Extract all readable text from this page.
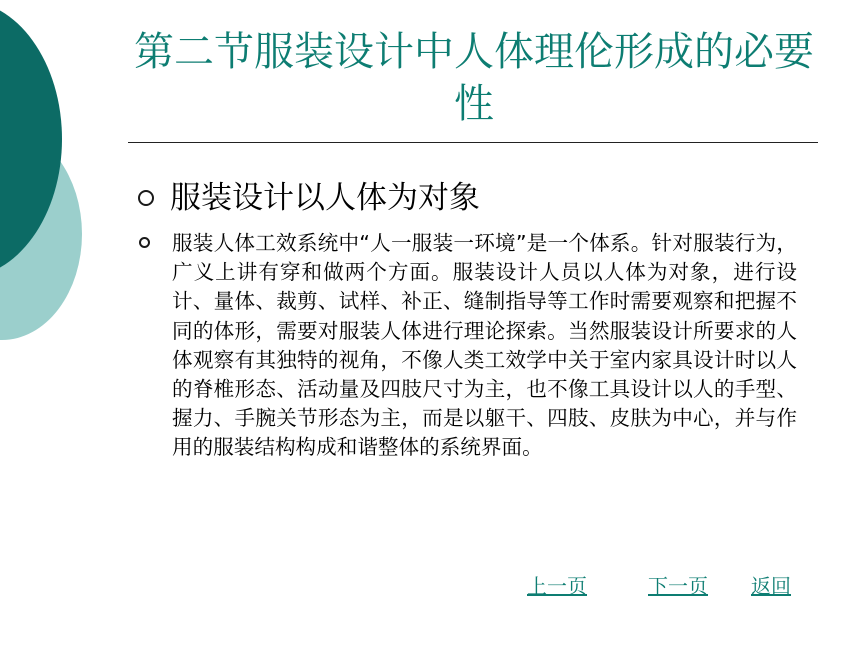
第二节服装设计中人体理伦形成的必要性
服装设计以人体为对象

服装人体工效系统中“人一服装一环境”是一个体系。针对服装行为，广义上讲有穿和做两个方面。服装设计人员以人体为对象，进行设计、量体、裁剪、试样、补正、缝制指导等工作时需要观察和把握不同的体形，需要对服装人体进行理论探索。当然服装设计所要求的人体观察有其独特的视角，不像人类工效学中关于室内家具设计时以人的脊椎形态、活动量及四肢尺寸为主，也不像工具设计以人的手型、握力、手腕关节形态为主，而是以躯干、四肢、皮肤为中心，并与作用的服装结构构成和谐整体的系统界面。

上一页	下一页 返回
